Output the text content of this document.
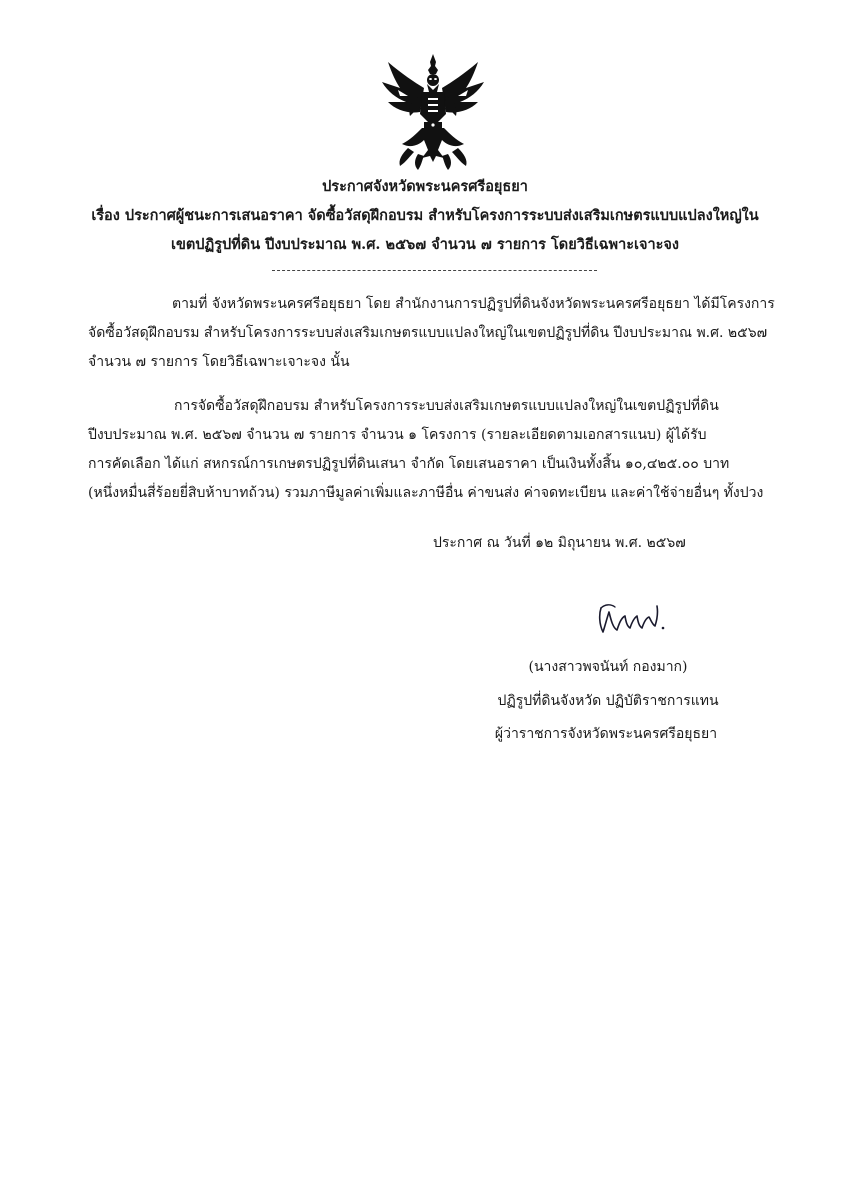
ประกาศจังหวัดพระนครศรีอยุธยา
เรื่อง ประกาศผู้ชนะการเสนอราคา จัดซื้อวัสดุฝึกอบรม สำหรับโครงการระบบส่งเสริมเกษตรแบบแปลงใหญ่ใน
เขตปฏิรูปที่ดิน ปีงบประมาณ พ.ศ. ๒๕๖๗ จำนวน ๗ รายการ โดยวิธีเฉพาะเจาะจง
ตามที่ จังหวัดพระนครศรีอยุธยา โดย สำนักงานการปฏิรูปที่ดินจังหวัดพระนครศรีอยุธยา ได้มีโครงการ
จัดซื้อวัสดุฝึกอบรม สำหรับโครงการระบบส่งเสริมเกษตรแบบแปลงใหญ่ในเขตปฏิรูปที่ดิน ปีงบประมาณ พ.ศ. ๒๕๖๗
จำนวน ๗ รายการ โดยวิธีเฉพาะเจาะจง นั้น
การจัดซื้อวัสดุฝึกอบรม สำหรับโครงการระบบส่งเสริมเกษตรแบบแปลงใหญ่ในเขตปฏิรูปที่ดิน
ปีงบประมาณ พ.ศ. ๒๕๖๗ จำนวน ๗ รายการ จำนวน ๑ โครงการ (รายละเอียดตามเอกสารแนบ) ผู้ได้รับ
การคัดเลือก ได้แก่ สหกรณ์การเกษตรปฏิรูปที่ดินเสนา จำกัด โดยเสนอราคา เป็นเงินทั้งสิ้น ๑๐,๔๒๕.๐๐ บาท
(หนึ่งหมื่นสี่ร้อยยี่สิบห้าบาทถ้วน) รวมภาษีมูลค่าเพิ่มและภาษีอื่น ค่าขนส่ง ค่าจดทะเบียน และค่าใช้จ่ายอื่นๆ ทั้งปวง
ประกาศ ณ วันที่ ๑๒ มิถุนายน พ.ศ. ๒๕๖๗
(นางสาวพจนันท์ กองมาก)
ปฏิรูปที่ดินจังหวัด ปฏิบัติราชการแทน
ผู้ว่าราชการจังหวัดพระนครศรีอยุธยา
